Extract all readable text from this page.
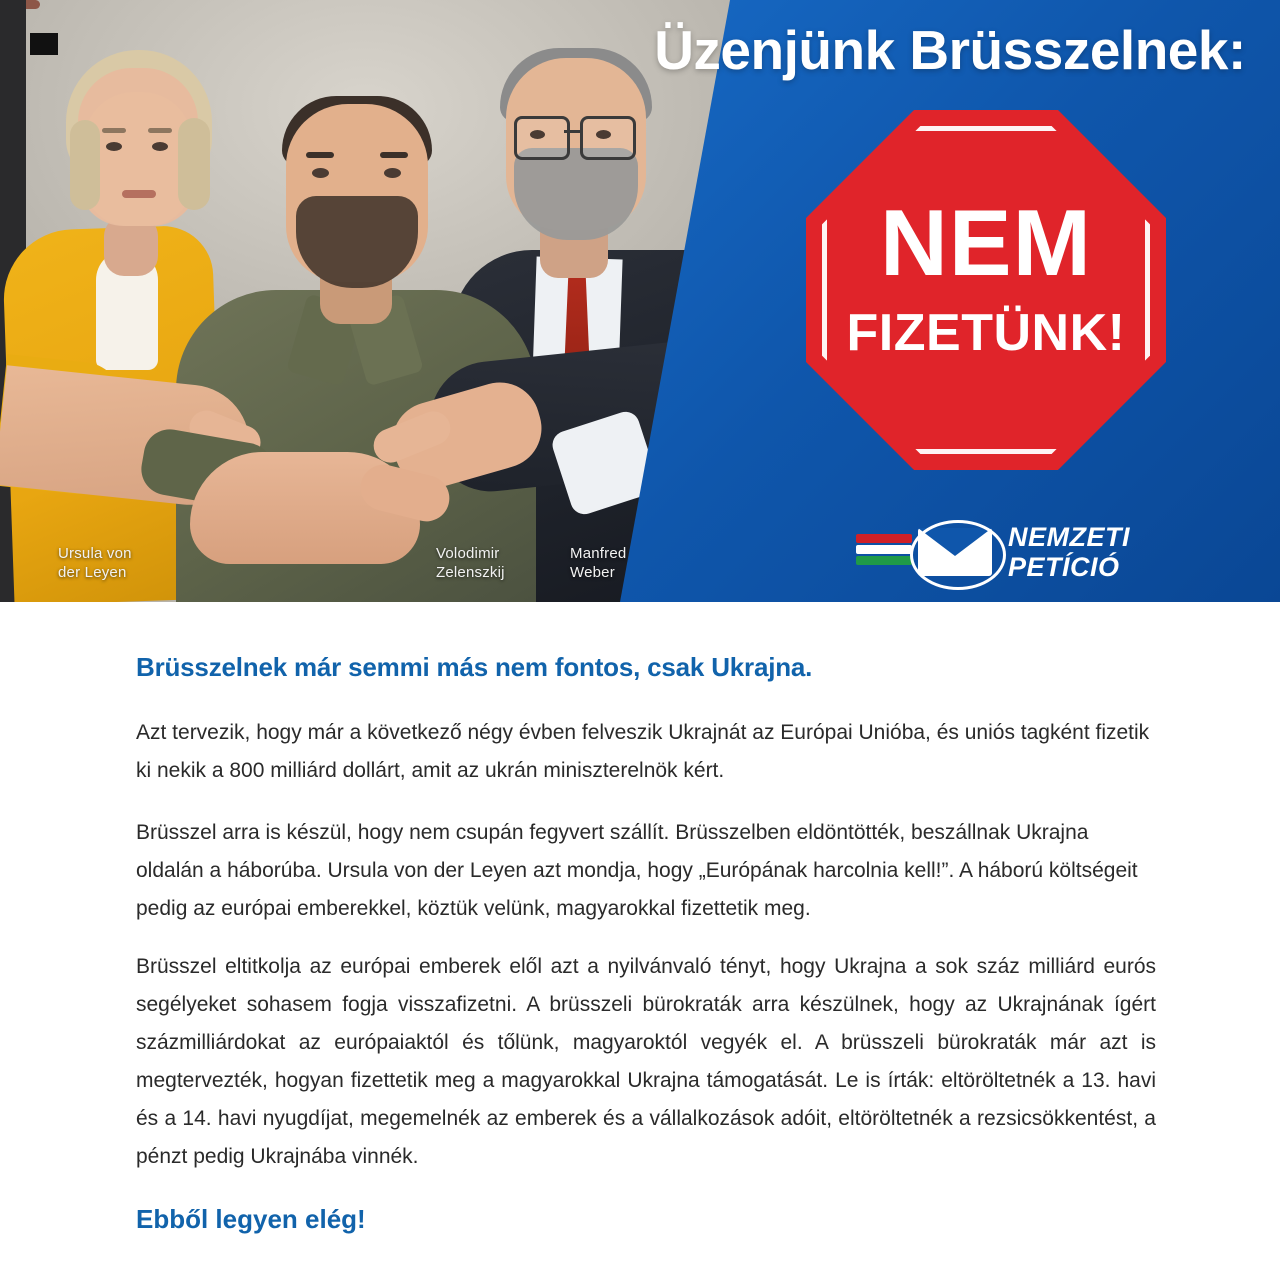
Ursula von
der Leyen
Volodimir
Zelenszkij
Manfred
Weber
Üzenjünk Brüsszelnek:
NEM
FIZETÜNK!
NEMZETI
PETÍCIÓ
Brüsszelnek már semmi más nem fontos, csak Ukrajna.
Azt tervezik, hogy már a következő négy évben felveszik Ukrajnát az Európai Unióba, és uniós tagként fizetik ki nekik a 800 milliárd dollárt, amit az ukrán miniszterelnök kért.
Brüsszel arra is készül, hogy nem csupán fegyvert szállít. Brüsszelben eldöntötték, beszállnak Ukrajna oldalán a háborúba. Ursula von der Leyen azt mondja, hogy „Európának harcolnia kell!”. A háború költségeit pedig az európai emberekkel, köztük velünk, magyarokkal fizettetik meg.
Brüsszel eltitkolja az európai emberek elől azt a nyilvánvaló tényt, hogy Ukrajna a sok száz milliárd eurós segélyeket sohasem fogja visszafizetni. A brüsszeli bürokraták arra készülnek, hogy az Ukrajnának ígért százmilliárdokat az európaiaktól és tőlünk, magyaroktól vegyék el. A brüsszeli bürokraták már azt is megtervezték, hogyan fizettetik meg a magyarokkal Ukrajna támogatását. Le is írták: eltöröltetnék a 13. havi és a 14. havi nyugdíjat, megemelnék az emberek és a vállalkozások adóit, eltöröltetnék a rezsicsökkentést, a pénzt pedig Ukrajnába vinnék.
Ebből legyen elég!
